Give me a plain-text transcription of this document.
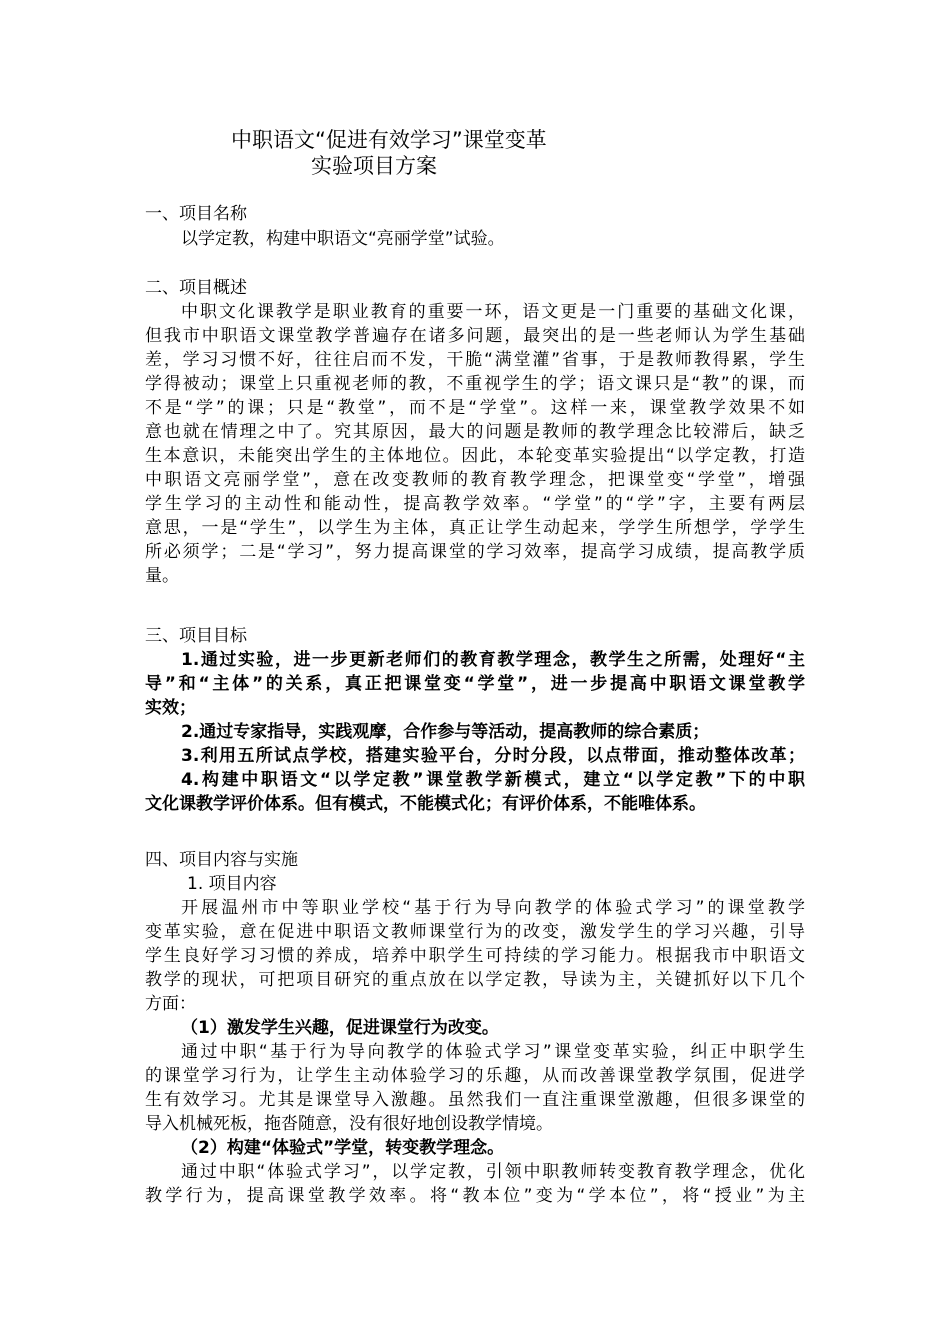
中职语文“促进有效学习”课堂变革
实验项目方案
一、项目名称
以学定教，构建中职语文“亮丽学堂”试验。
二、项目概述
中职文化课教学是职业教育的重要一环，语文更是一门重要的基础文化课，
但我市中职语文课堂教学普遍存在诸多问题，最突出的是一些老师认为学生基础
差，学习习惯不好，往往启而不发，干脆“满堂灌”省事，于是教师教得累，学生
学得被动；课堂上只重视老师的教，不重视学生的学；语文课只是“教”的课，而
不是“学”的课；只是“教堂”，而不是“学堂”。这样一来，课堂教学效果不如
意也就在情理之中了。究其原因，最大的问题是教师的教学理念比较滞后，缺乏
生本意识，未能突出学生的主体地位。因此，本轮变革实验提出“以学定教，打造
中职语文亮丽学堂”，意在改变教师的教育教学理念，把课堂变“学堂”，增强
学生学习的主动性和能动性，提高教学效率。“学堂”的“学”字，主要有两层
意思，一是“学生”，以学生为主体，真正让学生动起来，学学生所想学，学学生
所必须学；二是“学习”，努力提高课堂的学习效率，提高学习成绩，提高教学质
量。
三、项目目标
1.通过实验，进一步更新老师们的教育教学理念，教学生之所需，处理好“主
导”和“主体”的关系，真正把课堂变“学堂”，进一步提高中职语文课堂教学
实效；
2.通过专家指导，实践观摩，合作参与等活动，提高教师的综合素质；
3.利用五所试点学校，搭建实验平台，分时分段，以点带面，推动整体改革；
4.构建中职语文“以学定教”课堂教学新模式，建立“以学定教”下的中职
文化课教学评价体系。但有模式，不能模式化；有评价体系，不能唯体系。
四、项目内容与实施
1. 项目内容
开展温州市中等职业学校“基于行为导向教学的体验式学习”的课堂教学
变革实验，意在促进中职语文教师课堂行为的改变，激发学生的学习兴趣，引导
学生良好学习习惯的养成，培养中职学生可持续的学习能力。根据我市中职语文
教学的现状，可把项目研究的重点放在以学定教，导读为主，关键抓好以下几个
方面：
（1）激发学生兴趣，促进课堂行为改变。
通过中职“基于行为导向教学的体验式学习”课堂变革实验，纠正中职学生
的课堂学习行为，让学生主动体验学习的乐趣，从而改善课堂教学氛围，促进学
生有效学习。尤其是课堂导入激趣。虽然我们一直注重课堂激趣，但很多课堂的
导入机械死板，拖沓随意，没有很好地创设教学情境。
（2）构建“体验式”学堂，转变教学理念。
通过中职“体验式学习”，以学定教，引领中职教师转变教育教学理念，优化
教学行为，提高课堂教学效率。将“教本位”变为“学本位”，将“授业”为主
